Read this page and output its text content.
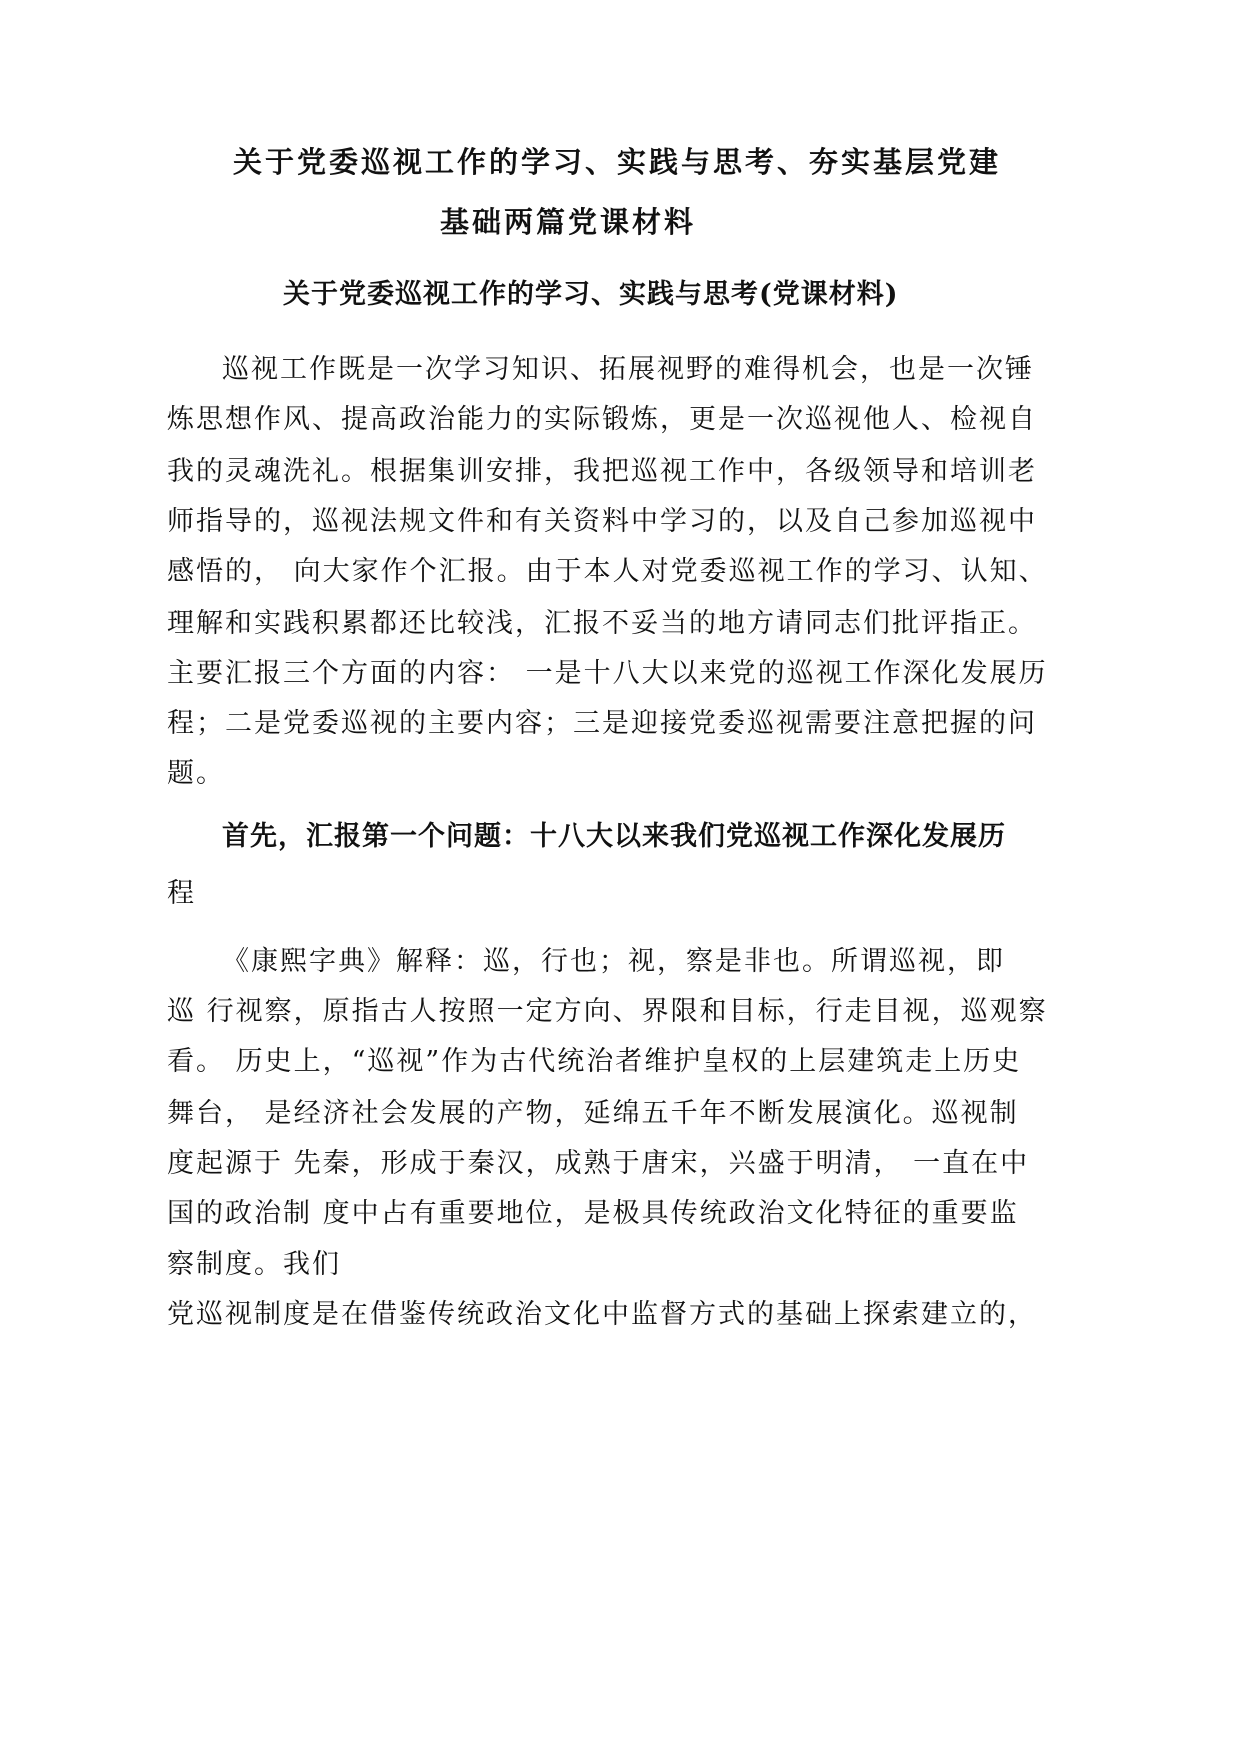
关于党委巡视工作的学习、实践与思考、夯实基层党建

基础两篇党课材料

关于党委巡视工作的学习、实践与思考(党课材料)

巡视工作既是一次学习知识、拓展视野的难得机会，也是一次锤

炼思想作风、提高政治能力的实际锻炼，更是一次巡视他人、检视自

我的灵魂洗礼。根据集训安排，我把巡视工作中，各级领导和培训老

师指导的，巡视法规文件和有关资料中学习的，以及自己参加巡视中

感悟的， 向大家作个汇报。由于本人对党委巡视工作的学习、认知、

理解和实践积累都还比较浅，汇报不妥当的地方请同志们批评指正。

主要汇报三个方面的内容： 一是十八大以来党的巡视工作深化发展历

程；二是党委巡视的主要内容；三是迎接党委巡视需要注意把握的问

题。

首先，汇报第一个问题：十八大以来我们党巡视工作深化发展历

程

《康熙字典》解释：巡，行也；视，察是非也。所谓巡视，即

巡 行视察，原指古人按照一定方向、界限和目标，行走目视，巡观察

看。 历史上，“巡视”作为古代统治者维护皇权的上层建筑走上历史

舞台， 是经济社会发展的产物，延绵五千年不断发展演化。巡视制

度起源于 先秦，形成于秦汉，成熟于唐宋，兴盛于明清， 一直在中

国的政治制 度中占有重要地位，是极具传统政治文化特征的重要监

察制度。我们

党巡视制度是在借鉴传统政治文化中监督方式的基础上探索建立的，
